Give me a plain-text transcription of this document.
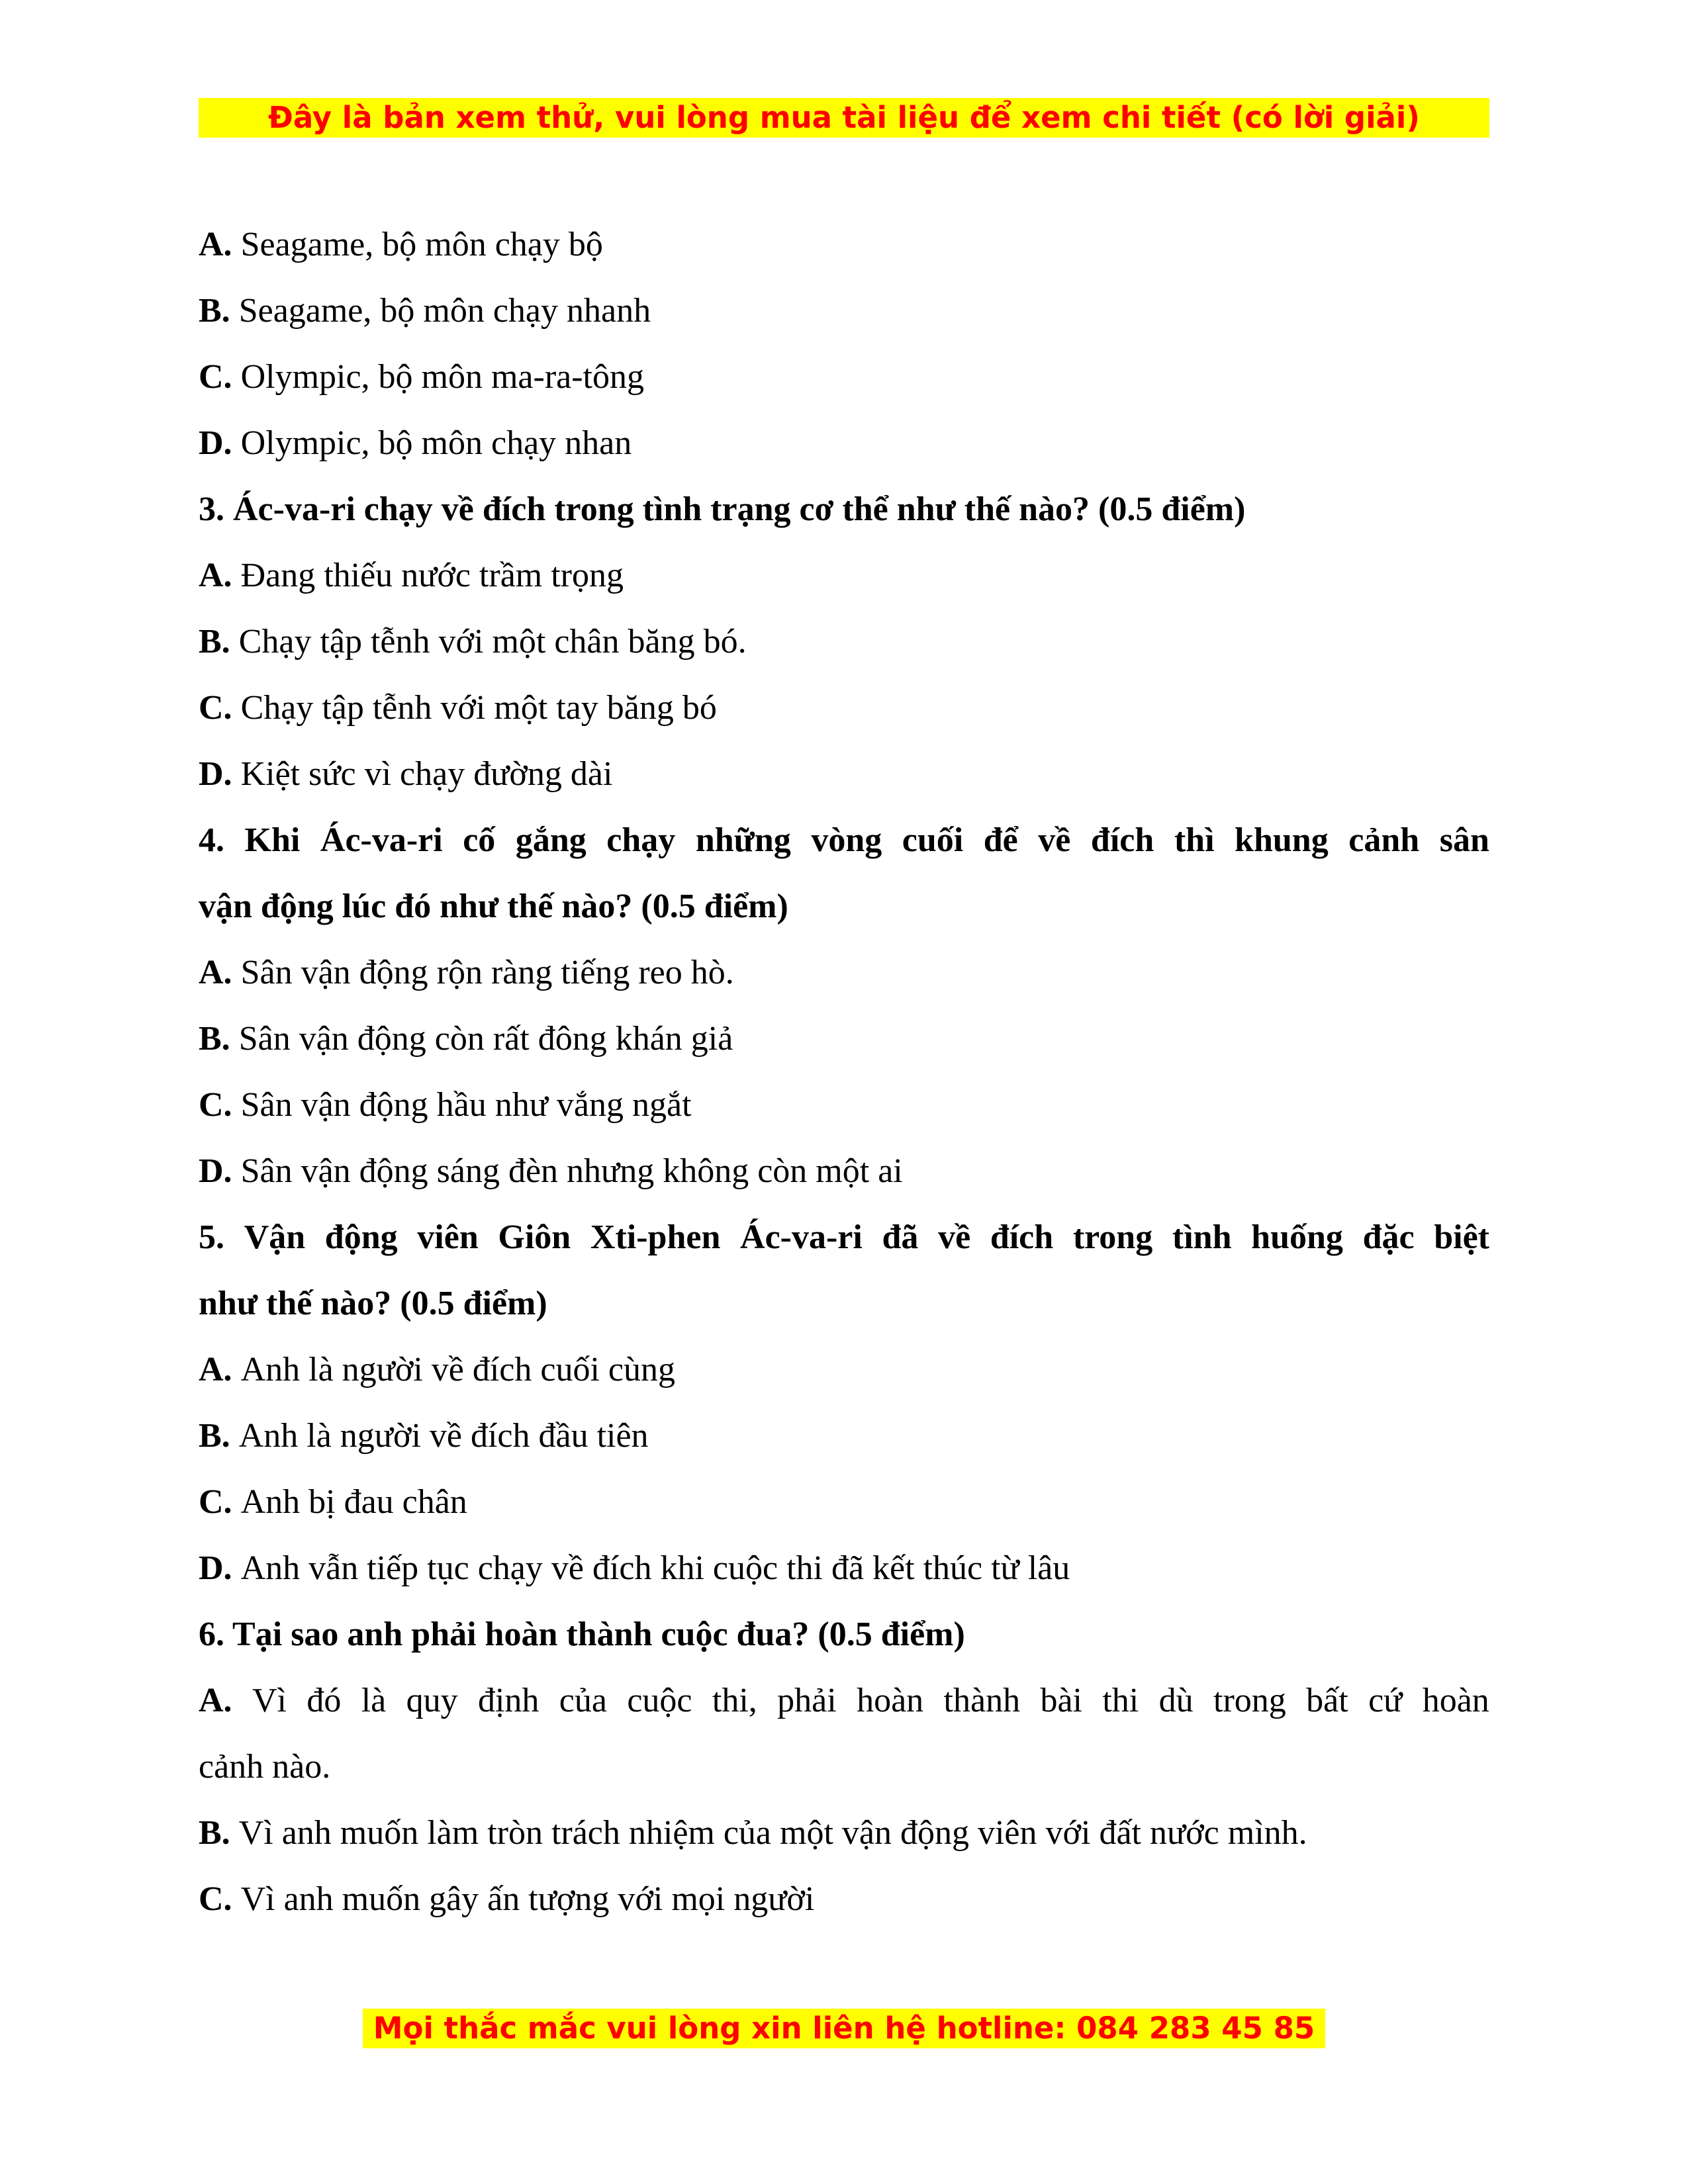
Đây là bản xem thử, vui lòng mua tài liệu để xem chi tiết (có lời giải)
A. Seagame, bộ môn chạy bộ
B. Seagame, bộ môn chạy nhanh
C. Olympic, bộ môn ma-ra-tông
D. Olympic, bộ môn chạy nhan
3. Ác-va-ri chạy về đích trong tình trạng cơ thể như thế nào? (0.5 điểm)
A. Đang thiếu nước trầm trọng
B. Chạy tập tễnh với một chân băng bó.
C. Chạy tập tễnh với một tay băng bó
D. Kiệt sức vì chạy đường dài
4. Khi Ác-va-ri cố gắng chạy những vòng cuối để về đích thì khung cảnh sân
vận động lúc đó như thế nào? (0.5 điểm)
A. Sân vận động rộn ràng tiếng reo hò.
B. Sân vận động còn rất đông khán giả
C. Sân vận động hầu như vắng ngắt
D. Sân vận động sáng đèn nhưng không còn một ai
5. Vận động viên Giôn Xti-phen Ác-va-ri đã về đích trong tình huống đặc biệt
như thế nào? (0.5 điểm)
A. Anh là người về đích cuối cùng
B. Anh là người về đích đầu tiên
C. Anh bị đau chân
D. Anh vẫn tiếp tục chạy về đích khi cuộc thi đã kết thúc từ lâu
6. Tại sao anh phải hoàn thành cuộc đua? (0.5 điểm)
A. Vì đó là quy định của cuộc thi, phải hoàn thành bài thi dù trong bất cứ hoàn
cảnh nào.
B. Vì anh muốn làm tròn trách nhiệm của một vận động viên với đất nước mình.
C. Vì anh muốn gây ấn tượng với mọi người
Mọi thắc mắc vui lòng xin liên hệ hotline: 084 283 45 85
